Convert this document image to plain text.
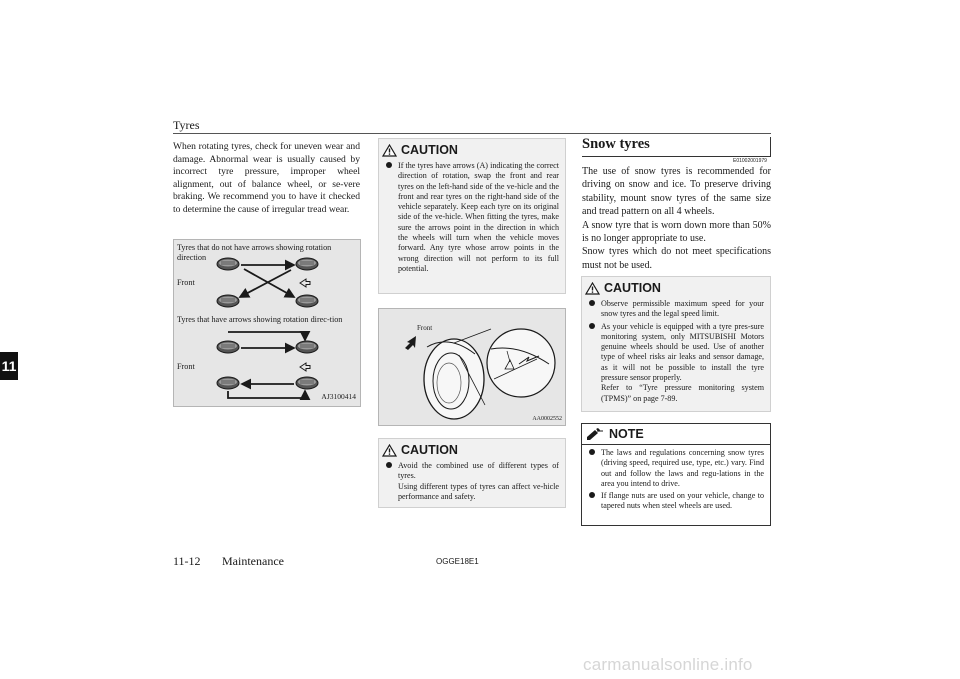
Tyres
11
When rotating tyres, check for uneven wear and damage. Abnormal wear is usually caused by incorrect tyre pressure, improper wheel alignment, out of balance wheel, or se-vere braking. We recommend you to have it checked to determine the cause of irregular tread wear.
Tyres that do not have arrows showing rotation direction
Front
Tyres that have arrows showing rotation direc-tion
Front
AJ3100414
CAUTION
If the tyres have arrows (A) indicating the correct direction of rotation, swap the front and rear tyres on the left-hand side of the ve-hicle and the front and rear tyres on the right-hand side of the vehicle separately. Keep each tyre on its original side of the ve-hicle. When fitting the tyres, make sure the arrows point in the direction in which the wheels will turn when the vehicle moves forward. Any tyre whose arrow points in the wrong direction will not perform to its full potential.
Front
AA0002552
CAUTION
Avoid the combined use of different types of tyres.
Using different types of tyres can affect ve-hicle performance and safety.
Snow tyres
E01002001979
The use of snow tyres is recommended for driving on snow and ice. To preserve driving stability, mount snow tyres of the same size and tread pattern on all 4 wheels.
A snow tyre that is worn down more than 50% is no longer appropriate to use.
Snow tyres which do not meet specifications must not be used.
CAUTION
Observe permissible maximum speed for your snow tyres and the legal speed limit.
As your vehicle is equipped with a tyre pres-sure monitoring system, only MITSUBISHI Motors genuine wheels should be used. Use of another type of wheel risks air leaks and sensor damage, as it will not be possible to install the tyre pressure sensor properly.
Refer to “Tyre pressure monitoring system (TPMS)” on page 7-89.
NOTE
The laws and regulations concerning snow tyres (driving speed, required use, type, etc.) vary. Find out and follow the laws and regu-lations in the area you intend to drive.
If flange nuts are used on your vehicle, change to tapered nuts when steel wheels are used.
11-12 Maintenance	OGGE18E1
carmanualsonline.info
